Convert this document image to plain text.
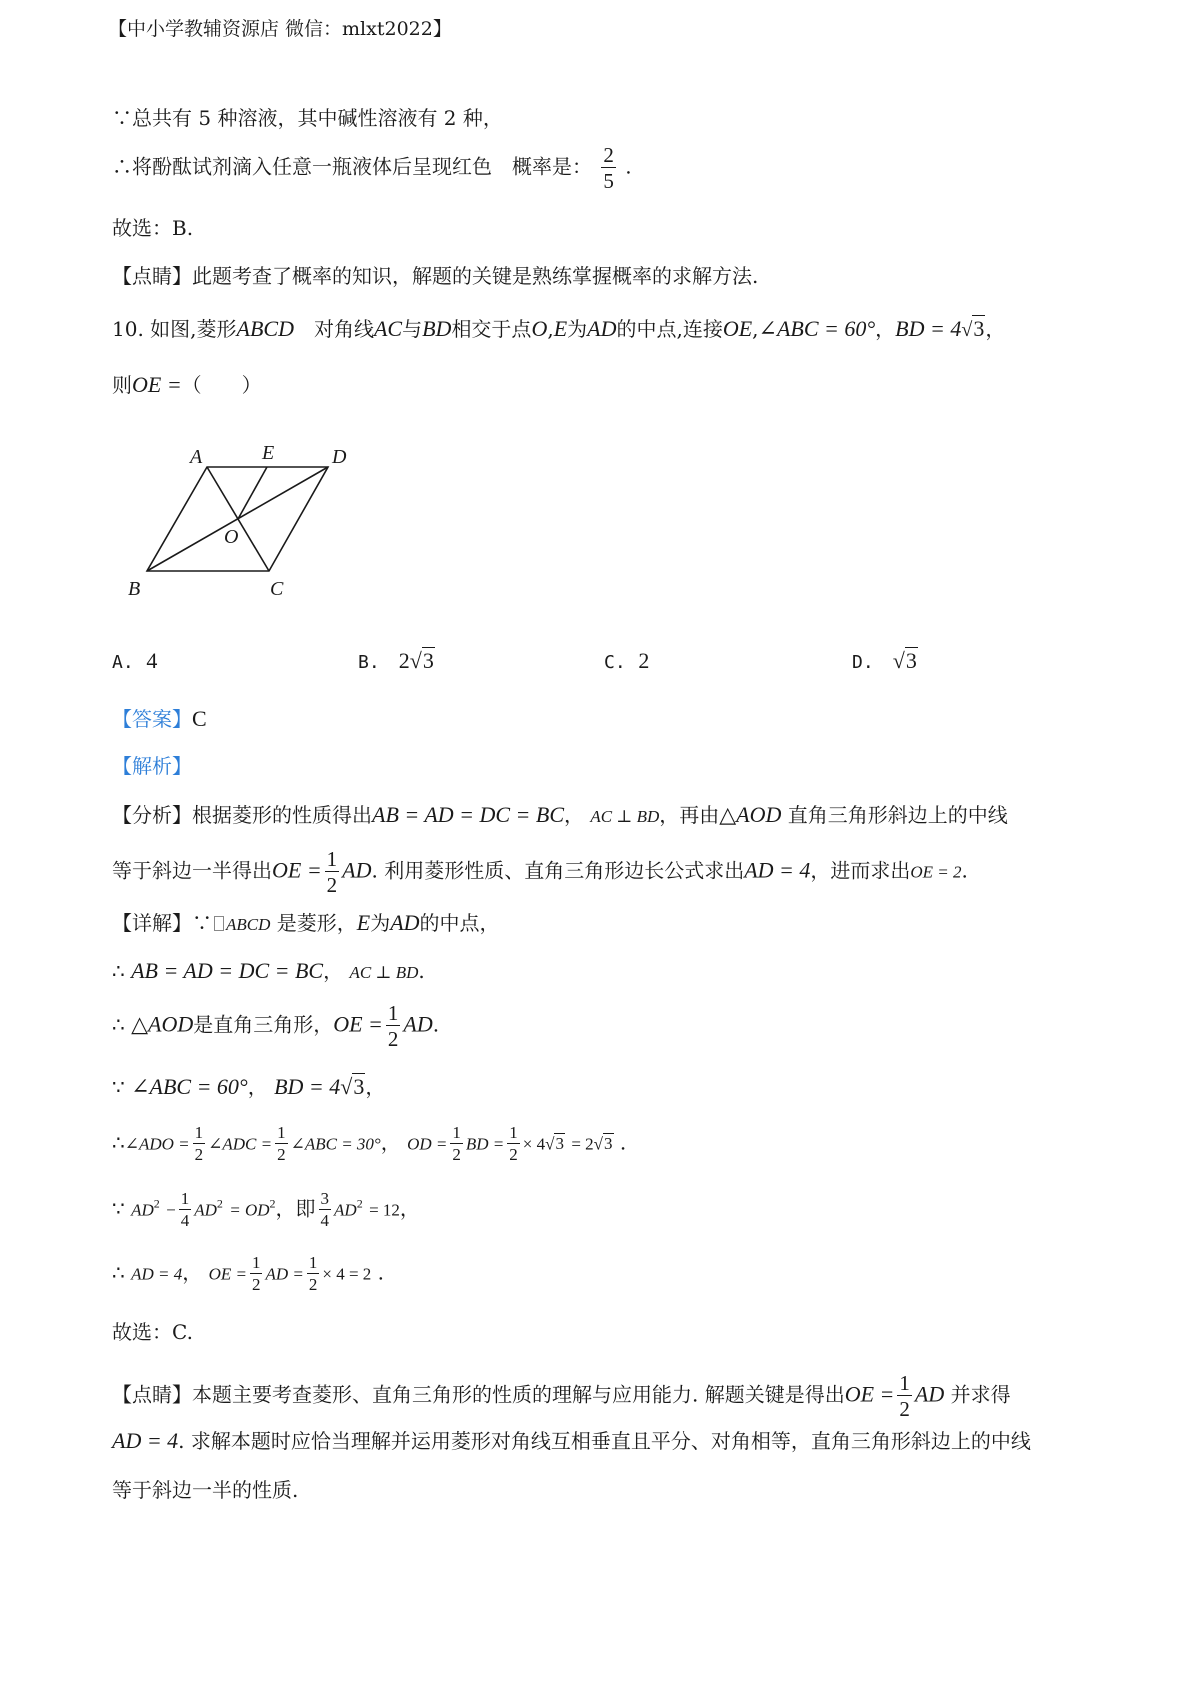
【中小学教辅资源店 微信：mlxt2022】
∵总共有 5 种溶液，其中碱性溶液有 2 种，
∴将酚酞试剂滴入任意一瓶液体后呈现红色　概率是： $\frac{2}{5}$ .
故选：B.
【点睛】此题考查了概率的知识，解题的关键是熟练掌握概率的求解方法.
10. 如图,菱形ABCD　对角线AC与BD相交于点O,E为AD的中点,连接OE,∠ABC = 60°，BD = 4√3，
则OE =（　　）
A	E	D
O
B	C
A. 4	B. 2√3	C. 2	D. √3
【答案】C
【解析】
【分析】根据菱形的性质得出AB = AD = DC = BC， AC ⊥ BD，再由△AOD 直角三角形斜边上的中线
等于斜边一半得出OE = $\frac{1}{2}$ AD. 利用菱形性质、直角三角形边长公式求出AD = 4，进而求出OE = 2.
【详解】∵ ABCD 是菱形，E为AD的中点，
∴ AB = AD = DC = BC， AC ⊥ BD.
∴ △AOD是直角三角形，OE = $\frac{1}{2}$ AD.
∵ ∠ABC = 60°， BD = 4√3，
∴∠ADO = $\frac{1}{2}$ ∠ADC = $\frac{1}{2}$ ∠ABC = 30°， OD = $\frac{1}{2}$ BD = $\frac{1}{2} \times 4√3 = 2√3$ .
∵ $AD^2 - \frac{1}{4} AD^2 = OD^2$，即 $\frac{3}{4} AD^2 = 12$，
∴ AD = 4， OE = $\frac{1}{2}$ AD = $\frac{1}{2} \times 4 = 2$ .
故选：C.
【点睛】本题主要考查菱形、直角三角形的性质的理解与应用能力. 解题关键是得出OE = $\frac{1}{2}$ AD 并求得
AD = 4. 求解本题时应恰当理解并运用菱形对角线互相垂直且平分、对角相等，直角三角形斜边上的中线
等于斜边一半的性质.
